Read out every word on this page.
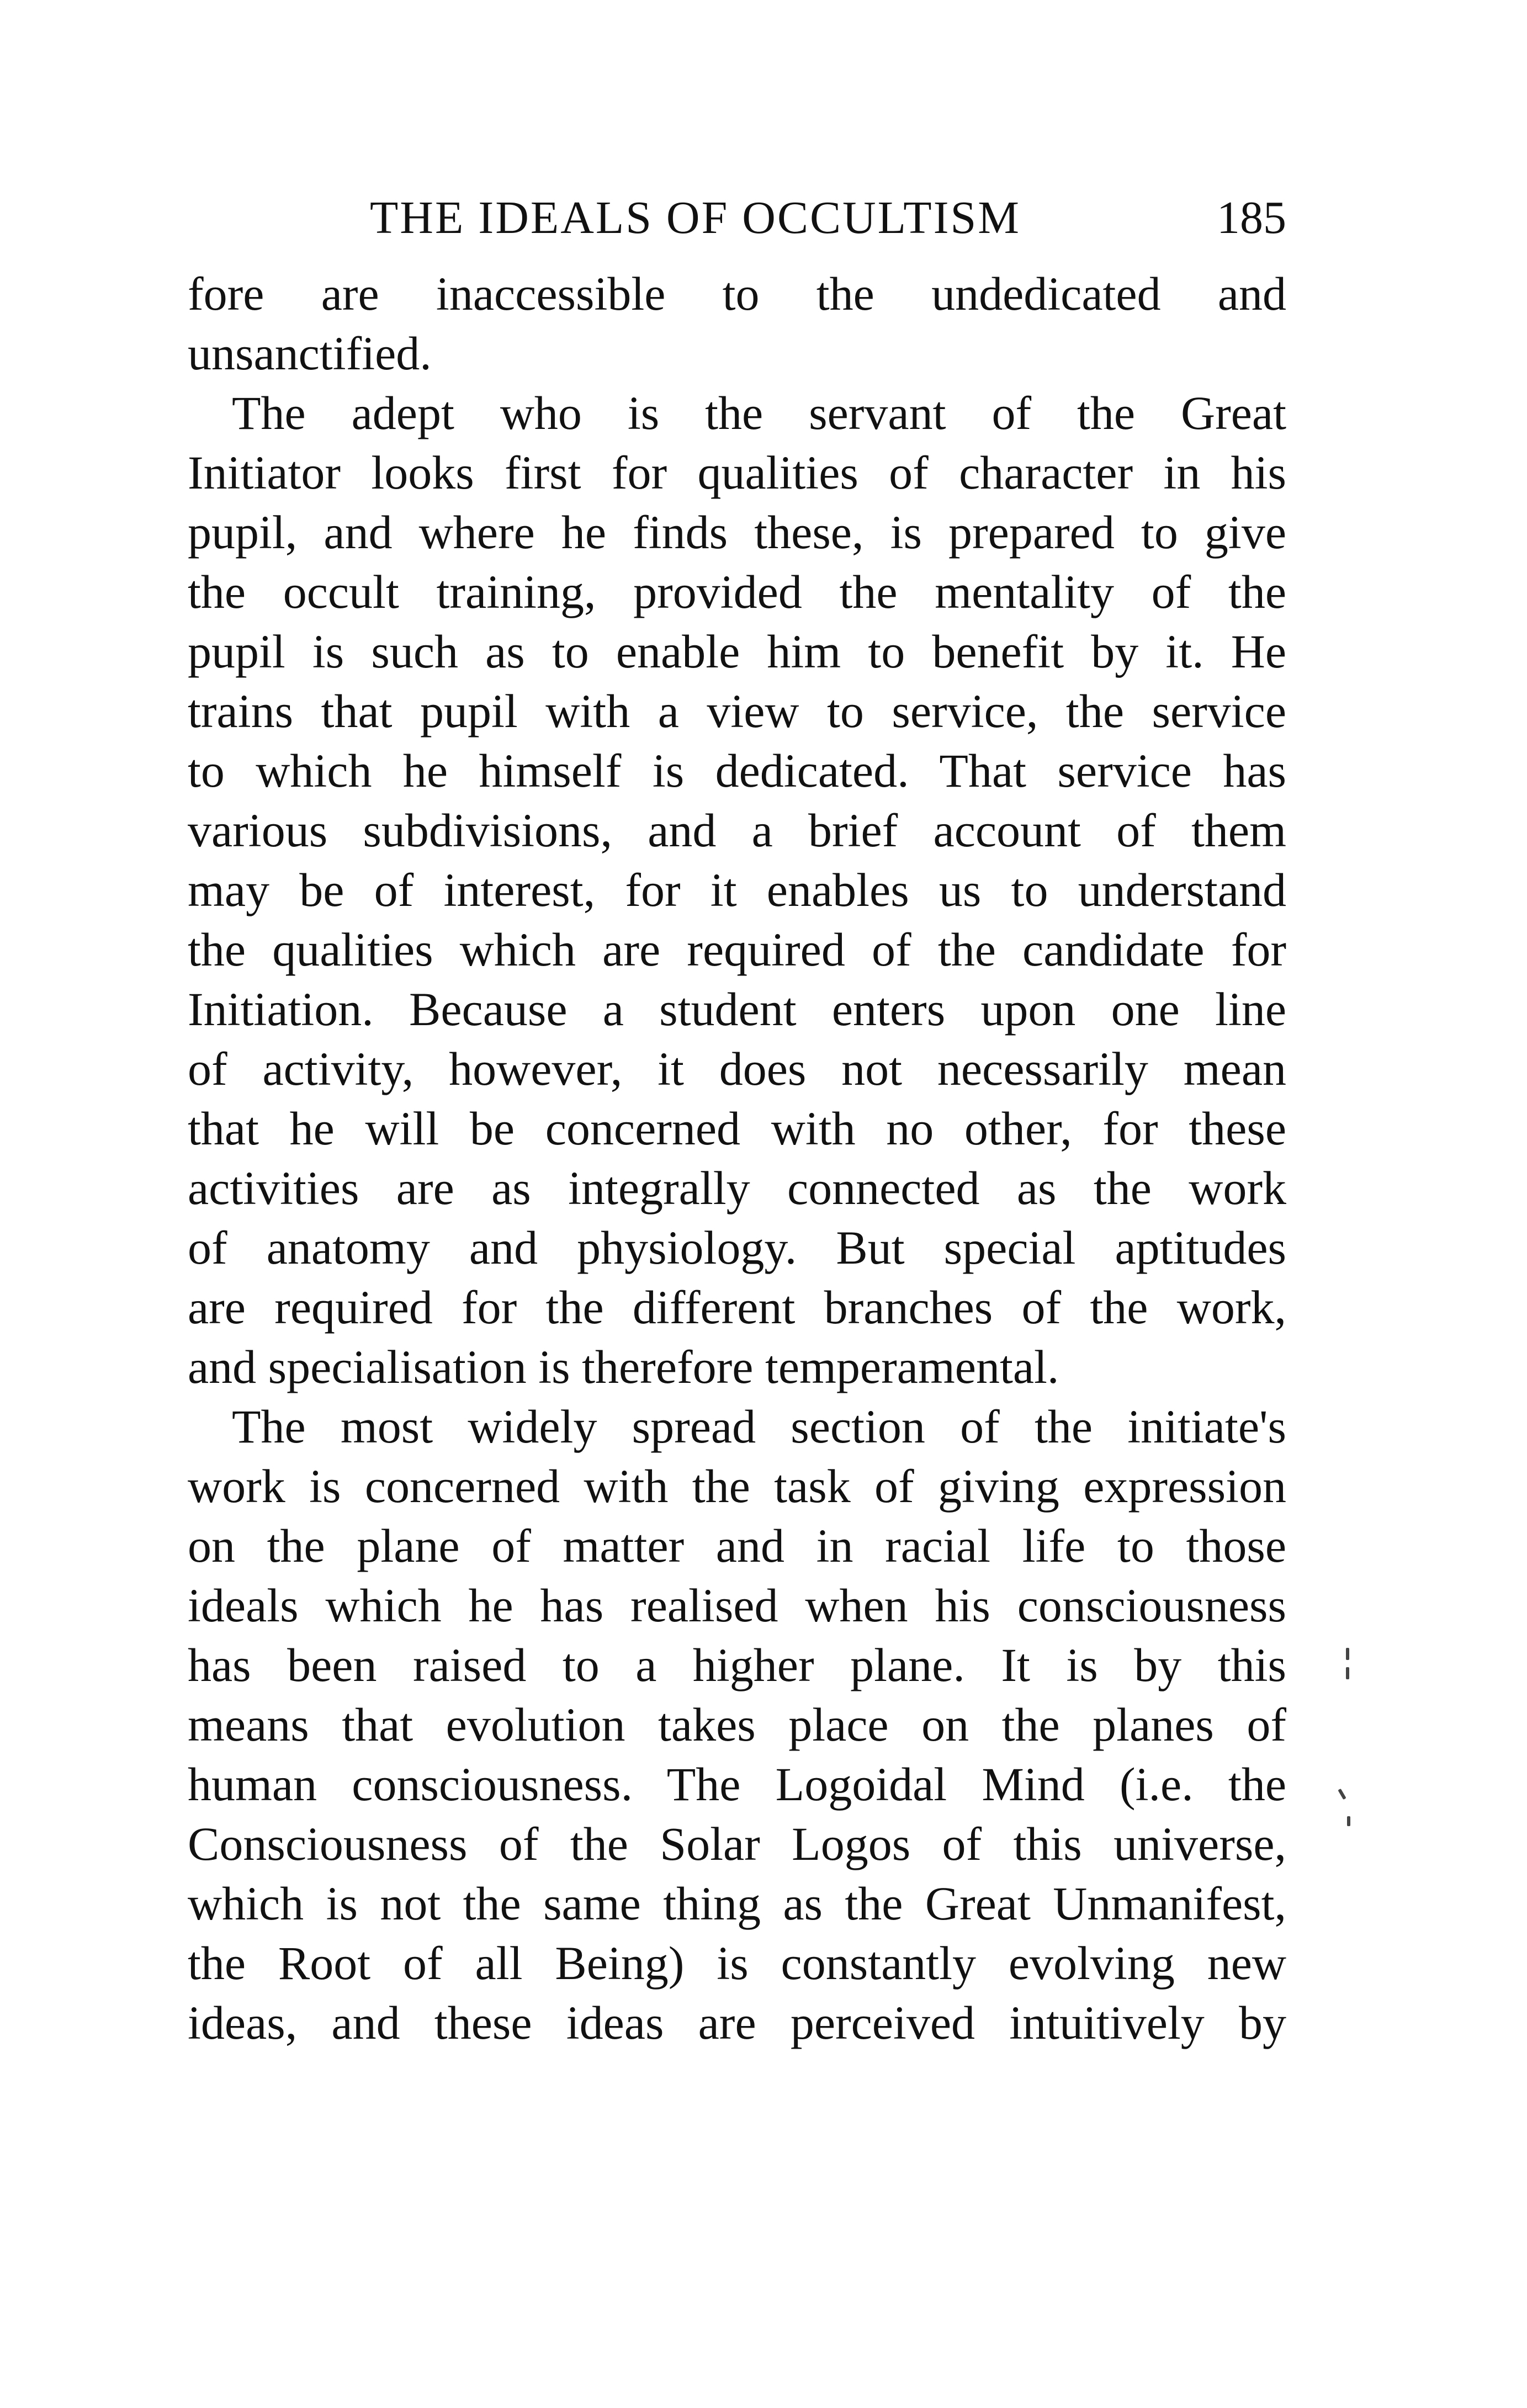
THE IDEALS OF OCCULTISM	185
fore are inaccessible to the undedicated and
unsanctified.
The adept who is the servant of the Great
Initiator looks first for qualities of character in his
pupil, and where he finds these, is prepared to give
the occult training, provided the mentality of the
pupil is such as to enable him to benefit by it. He
trains that pupil with a view to service, the service
to which he himself is dedicated. That service has
various subdivisions, and a brief account of them
may be of interest, for it enables us to understand
the qualities which are required of the candidate for
Initiation. Because a student enters upon one line
of activity, however, it does not necessarily mean
that he will be concerned with no other, for these
activities are as integrally connected as the work
of anatomy and physiology. But special aptitudes
are required for the different branches of the work,
and specialisation is therefore temperamental.
The most widely spread section of the initiate's
work is concerned with the task of giving expression
on the plane of matter and in racial life to those
ideals which he has realised when his consciousness
has been raised to a higher plane. It is by this
means that evolution takes place on the planes of
human consciousness. The Logoidal Mind (i.e. the
Consciousness of the Solar Logos of this universe,
which is not the same thing as the Great Unmanifest,
the Root of all Being) is constantly evolving new
ideas, and these ideas are perceived intuitively by
